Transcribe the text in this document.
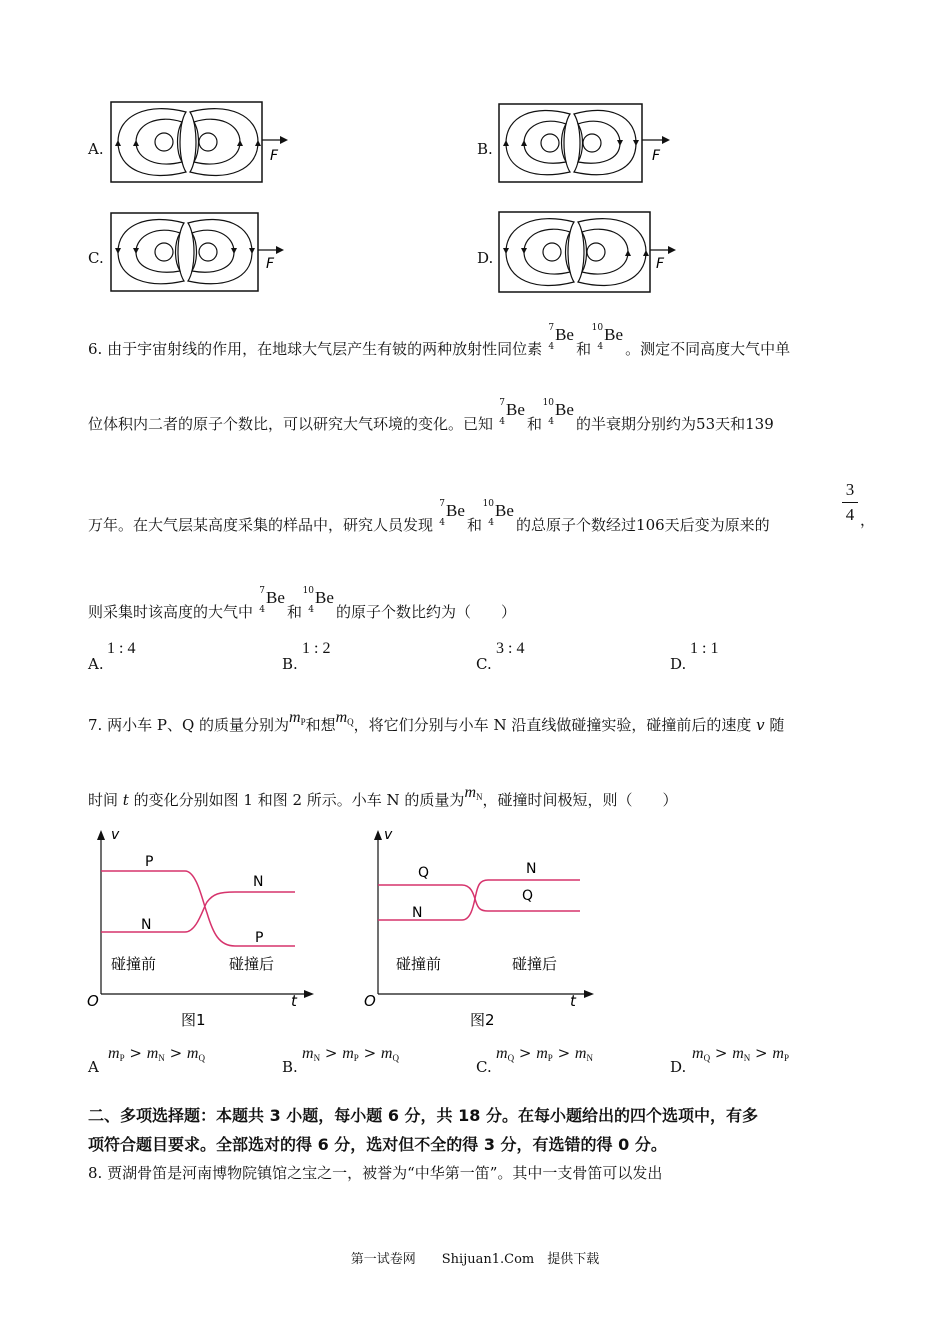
A.	F	B.	F
C.	F	D.	F
6. 由于宇宙射线的作用，在地球大气层产生有铍的两种放射性同位素
7
4
Be
和
10
4
Be
。测定不同高度大气中单
位体积内二者的原子个数比，可以研究大气环境的变化。已知
7
4
Be
和
10
4
Be
的半衰期分别约为53天和139
万年。在大气层某高度采集的样品中，研究人员发现
7
4
Be
和
10
4
Be
的总原子个数经过106天后变为原来的
3
4 ，
则采集时该高度的大气中
7
4
Be
和
10
4
Be
的原子个数比约为（　　）
A.
1 : 4
B.
1 : 2
C.
3 : 4
D.
1 : 1
7. 两小车 P、Q 的质量分别为$m_P$和想$m_Q$，将它们分别与小车 N 沿直线做碰撞实验，碰撞前后的速度 v 随
时间 t 的变化分别如图 1 和图 2 所示。小车 N 的质量为$m_N$，碰撞时间极短，则（　　）
v
O	t
P
N
N
P
碰撞前	碰撞后
图1
v
O	t
Q
N
N
Q
碰撞前	碰撞后
图2
A
$m_P > m_N > m_Q$	B.
$m_N > m_P > m_Q$	C.
$m_Q > m_P > m_N$	D.
$m_Q > m_N > m_P$
二、多项选择题：本题共 3 小题，每小题 6 分，共 18 分。在每小题给出的四个选项中，有多
项符合题目要求。全部选对的得 6 分，选对但不全的得 3 分，有选错的得 0 分。
8. 贾湖骨笛是河南博物院镇馆之宝之一，被誉为“中华第一笛”。其中一支骨笛可以发出
第一试卷网　　Shijuan1.Com　提供下载
